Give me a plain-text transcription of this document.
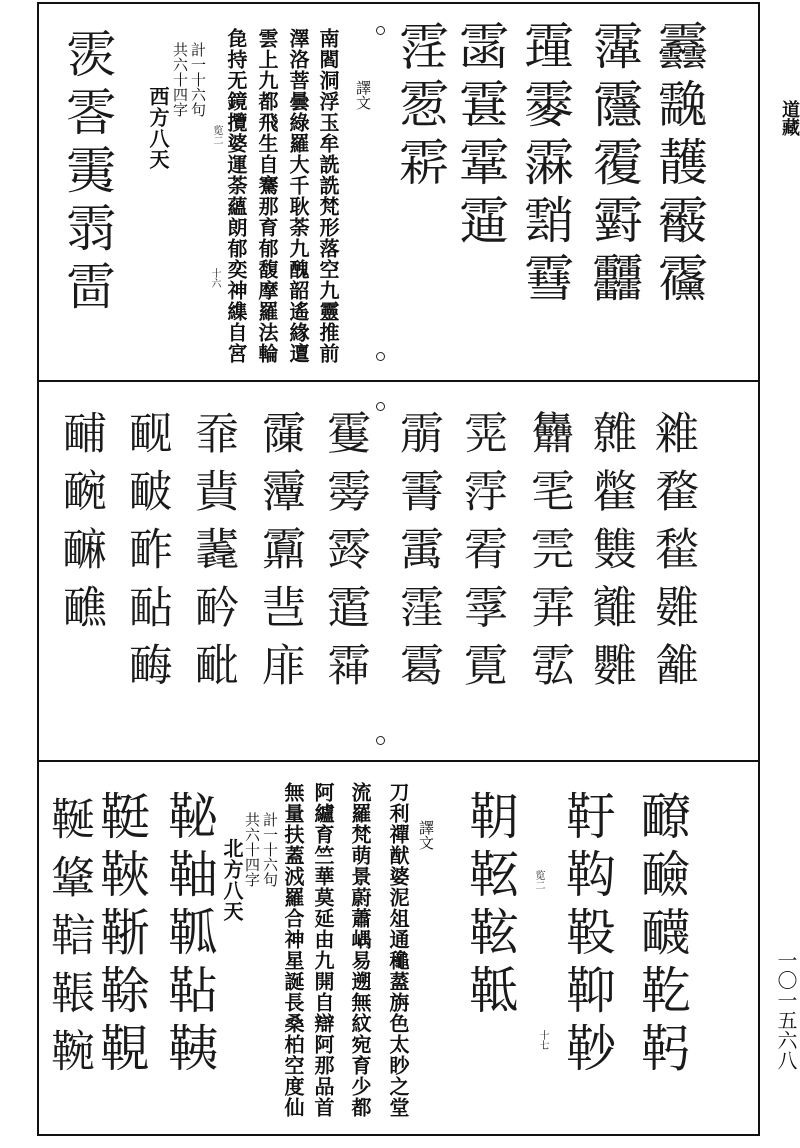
道藏
一〇一五六八
䨺䨲䨼䨷䨹
䨰䨸䨱䨴䨻
䨪䨫䨬䨭䨮
䨡䨢䨣䨤
䨙䨚䨛
譯文
南閻洞浮玉牟詵詵梵形落空九靈推前
澤洛菩曇綠羅大千耿荼九醜韶遙緣邅
雲上九都飛生自騫那育郁馥摩羅法輪
㲋持无鏡攬婆運荼蘊朗郁奕神䌖自宮
览二
十六
計一十六句
共六十四字
西方八天
䨏䨐䨑䨒䨓
䨀䨁䨂䨃䨄
䨅䨆䨇䨈䨉
䨊䨋䨌䨍䨎
䨔䨕䨖䨗䨘
䨜䨝䨞䨟䨠
䨥䨦䨧䨨䨩
䨯䨵䨶䨽䨾
䨿䩀䩁䩂䩃
䩄䩅䩆䩇䩈
䩉䩊䩋䩌
䩍䩎䩏䩐䩑
䩒䩓䩔䩕䩖
䩗䩘䩙䩚 览二
十七
譯文
刀利禪猷婆泥俎通䆋䕄旃色太眇之堂
流羅梵萌景蔚蕭嵎易遡無紋宛育少都
阿纑育竺華莫延由九開自辯阿那品首
無量扶蓋㳚羅合神星誕長桑柏空度仙
計一十六句
共六十四字
北方八天
䩛䩜䩝䩞䩟
䩠䩡䩢䩣䩤
䩥䩦䩧䩨䩩
